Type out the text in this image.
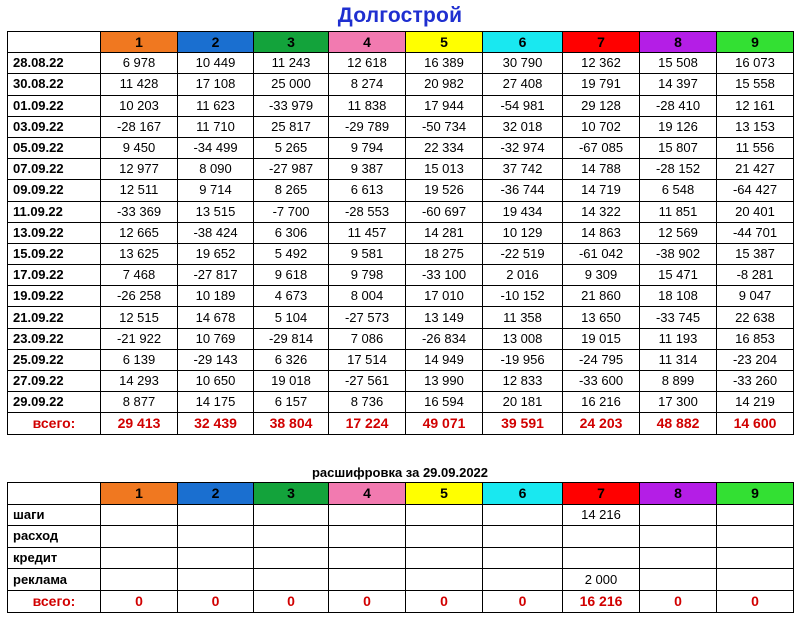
Долгострой
	1	2	3	4	5	6	7	8	9
28.08.22	6 978	10 449	11 243	12 618	16 389	30 790	12 362	15 508	16 073
30.08.22	11 428	17 108	25 000	8 274	20 982	27 408	19 791	14 397	15 558
01.09.22	10 203	11 623	-33 979	11 838	17 944	-54 981	29 128	-28 410	12 161
03.09.22	-28 167	11 710	25 817	-29 789	-50 734	32 018	10 702	19 126	13 153
05.09.22	9 450	-34 499	5 265	9 794	22 334	-32 974	-67 085	15 807	11 556
07.09.22	12 977	8 090	-27 987	9 387	15 013	37 742	14 788	-28 152	21 427
09.09.22	12 511	9 714	8 265	6 613	19 526	-36 744	14 719	6 548	-64 427
11.09.22	-33 369	13 515	-7 700	-28 553	-60 697	19 434	14 322	11 851	20 401
13.09.22	12 665	-38 424	6 306	11 457	14 281	10 129	14 863	12 569	-44 701
15.09.22	13 625	19 652	5 492	9 581	18 275	-22 519	-61 042	-38 902	15 387
17.09.22	7 468	-27 817	9 618	9 798	-33 100	2 016	9 309	15 471	-8 281
19.09.22	-26 258	10 189	4 673	8 004	17 010	-10 152	21 860	18 108	9 047
21.09.22	12 515	14 678	5 104	-27 573	13 149	11 358	13 650	-33 745	22 638
23.09.22	-21 922	10 769	-29 814	7 086	-26 834	13 008	19 015	11 193	16 853
25.09.22	6 139	-29 143	6 326	17 514	14 949	-19 956	-24 795	11 314	-23 204
27.09.22	14 293	10 650	19 018	-27 561	13 990	12 833	-33 600	8 899	-33 260
29.09.22	8 877	14 175	6 157	8 736	16 594	20 181	16 216	17 300	14 219
всего:	29 413	32 439	38 804	17 224	49 071	39 591	24 203	48 882	14 600
расшифровка за 29.09.2022
	1	2	3	4	5	6	7	8	9
шаги							14 216		
расход									
кредит									
реклама							2 000		
всего:	0	0	0	0	0	0	16 216	0	0
